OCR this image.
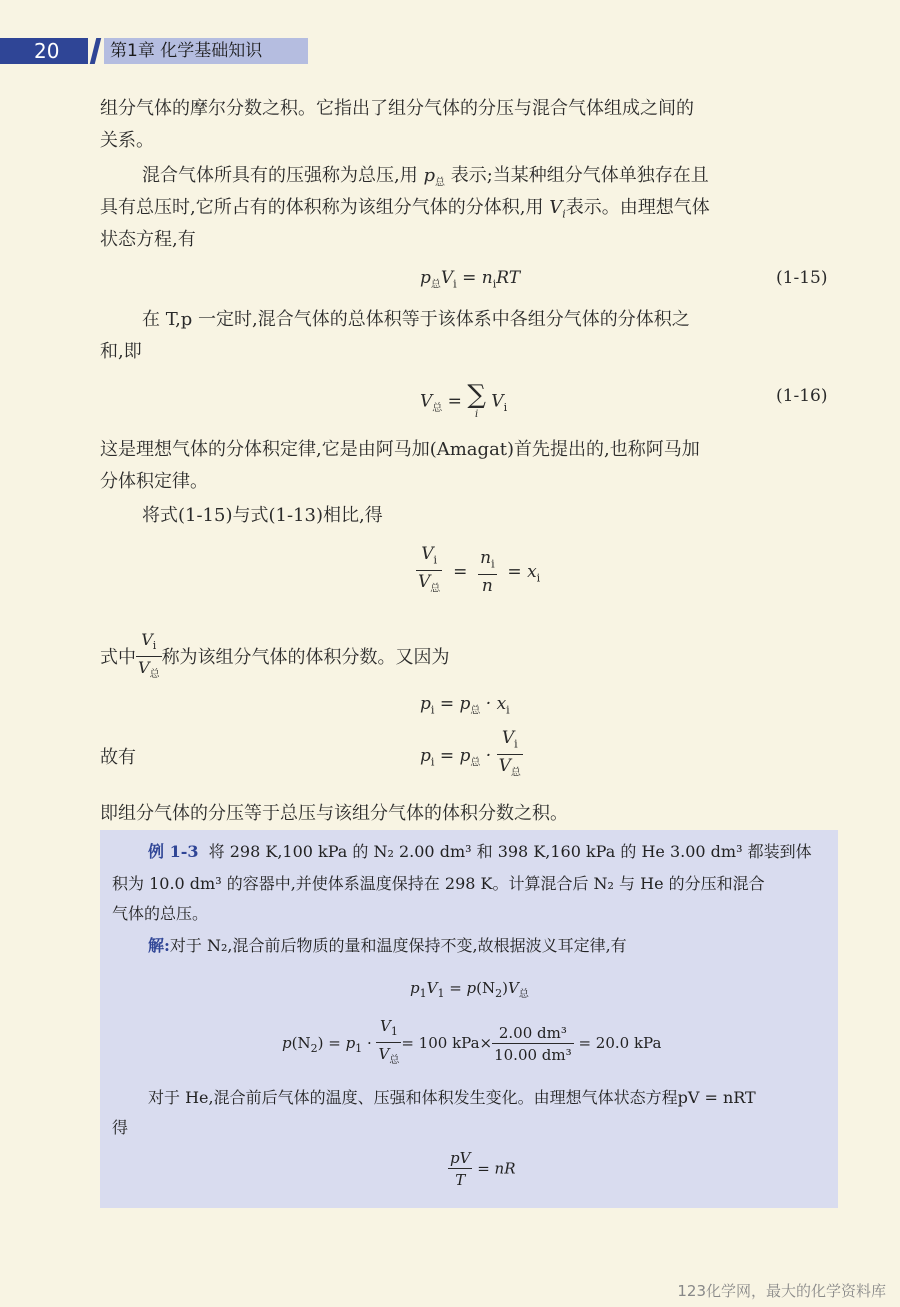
20	第1章 化学基础知识
组分气体的摩尔分数之积。它指出了组分气体的分压与混合气体组成之间的
关系。
混合气体所具有的压强称为总压,用 $p_总$ 表示;当某种组分气体单独存在且
具有总压时,它所占有的体积称为该组分气体的分体积,用 $V_i$表示。由理想气体
状态方程,有
$p_总V_i = n_iRT$	(1-15)
在 T,p 一定时,混合气体的总体积等于该体系中各组分气体的分体积之
和,即
$V_总$ = ∑
i
$V_i$
(1-16)
这是理想气体的分体积定律,它是由阿马加(Amagat)首先提出的,也称阿马加
分体积定律。
将式(1-15)与式(1-13)相比,得
$\frac{V_i}{V_总} = \frac{n_i}{n} = x_i$
式中 $\frac{V_i}{V_总}$ 称为该组分气体的体积分数。又因为
$p_i = p_总 \cdot x_i$
故有	$p_i = p_总 \cdot \frac{V_i}{V_总}$
即组分气体的分压等于总压与该组分气体的体积分数之积。
例 1-3 将 298 K,100 kPa 的 N₂ 2.00 dm³ 和 398 K,160 kPa 的 He 3.00 dm³ 都装到体
积为 10.0 dm³ 的容器中,并使体系温度保持在 298 K。计算混合后 N₂ 与 He 的分压和混合
气体的总压。
解:对于 N₂,混合前后物质的量和温度保持不变,故根据波义耳定律,有
$p_1V_1 = p(N_2)V_总$
$p(N_2) = p_1 \cdot \frac{V_1}{V_总} = 100$ $kPa\times \frac{\text{2.00 dm³}}{\text{10.00 dm³}} = 20.0$ kPa
对于 He,混合前后气体的温度、压强和体积发生变化。由理想气体状态方程pV = nRT
得
$\frac{pV}{T}$ = nR
123化学网，最大的化学资料库
